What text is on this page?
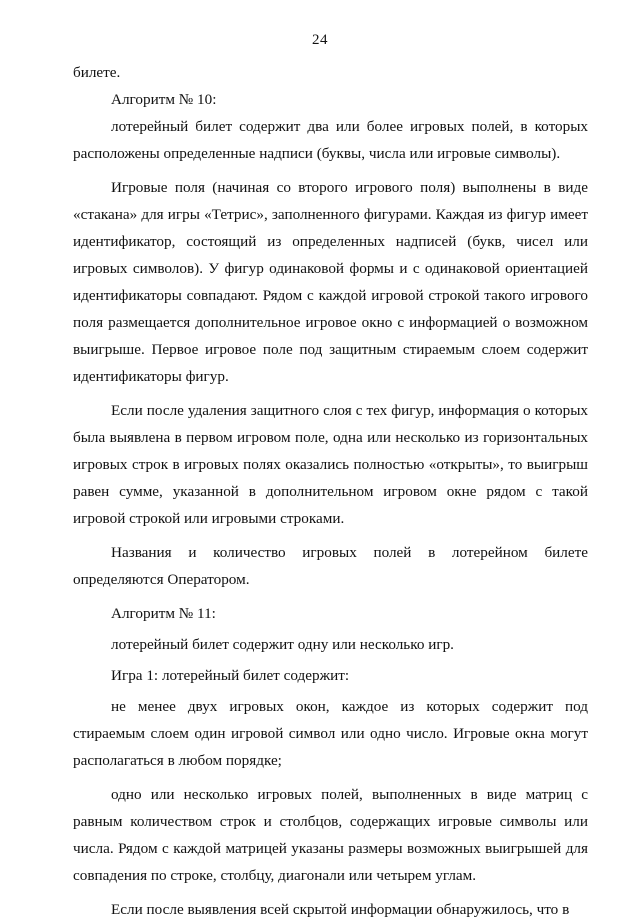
24

билете.

Алгоритм № 10:

лотерейный билет содержит два или более игровых полей, в которых расположены определенные надписи (буквы, числа или игровые символы).

Игровые поля (начиная со второго игрового поля) выполнены в виде «стакана» для игры «Тетрис», заполненного фигурами. Каждая из фигур имеет идентификатор, состоящий из определенных надписей (букв, чисел или игровых символов). У фигур одинаковой формы и с одинаковой ориентацией идентификаторы совпадают. Рядом с каждой игровой строкой такого игрового поля размещается дополнительное игровое окно с информацией о возможном выигрыше. Первое игровое поле под защитным стираемым слоем содержит идентификаторы фигур.

Если после удаления защитного слоя с тех фигур, информация о которых была выявлена в первом игровом поле, одна или несколько из горизонтальных игровых строк в игровых полях оказались полностью «открыты», то выигрыш равен сумме, указанной в дополнительном игровом окне рядом с такой игровой строкой или игровыми строками.

Названия и количество игровых полей в лотерейном билете определяются Оператором.

Алгоритм № 11:

лотерейный билет содержит одну или несколько игр.

Игра 1: лотерейный билет содержит:

не менее двух игровых окон, каждое из которых содержит под стираемым слоем один игровой символ или одно число. Игровые окна могут располагаться в любом порядке;

одно или несколько игровых полей, выполненных в виде матриц с равным количеством строк и столбцов, содержащих игровые символы или числа. Рядом с каждой матрицей указаны размеры возможных выигрышей для совпадения по строке, столбцу, диагонали или четырем углам.

Если после выявления всей скрытой информации обнаружилось, что в
